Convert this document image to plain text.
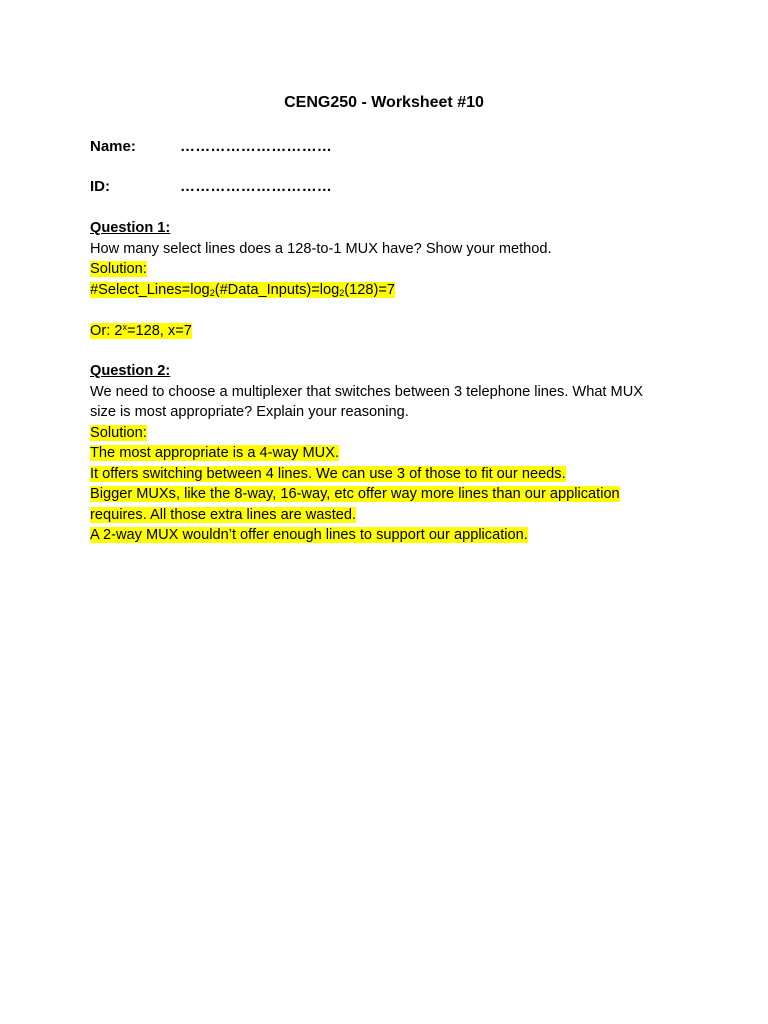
CENG250 - Worksheet #10
Name:	…………………………
ID:	…………………………
Question 1:
How many select lines does a 128-to-1 MUX have? Show your method.
Solution:
$\#Select\_Lines=\log_2(\#Data\_Inputs)=\log_2(128)=7$
Or: $2^x=128$, x=7
Question 2:
We need to choose a multiplexer that switches between 3 telephone lines. What MUX
size is most appropriate? Explain your reasoning.
Solution:
The most appropriate is a 4-way MUX.
It offers switching between 4 lines. We can use 3 of those to fit our needs.
Bigger MUXs, like the 8-way, 16-way, etc offer way more lines than our application
requires. All those extra lines are wasted.
A 2-way MUX wouldn’t offer enough lines to support our application.
